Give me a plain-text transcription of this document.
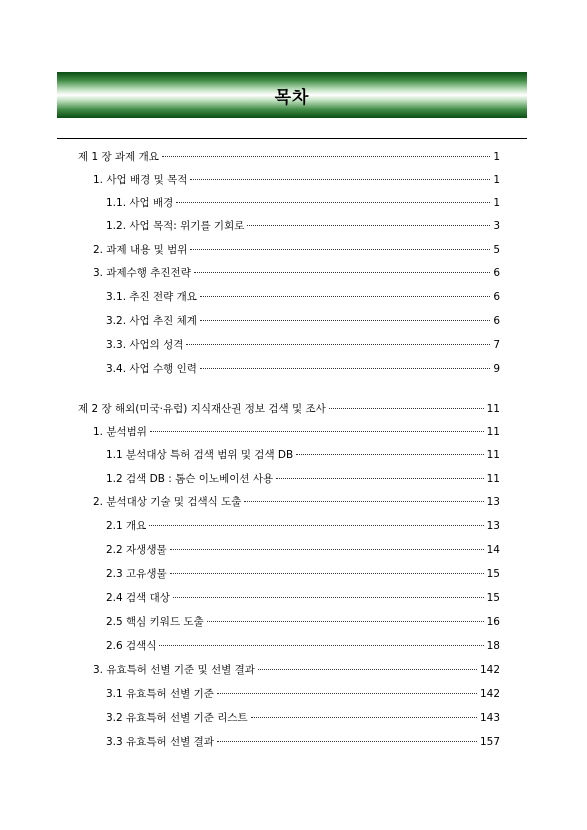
목차
제 1 장 과제 개요	1
1. 사업 배경 및 목적	1
1.1. 사업 배경	1
1.2. 사업 목적: 위기를 기회로	3
2. 과제 내용 및 범위	5
3. 과제수행 추진전략	6
3.1. 추진 전략 개요	6
3.2. 사업 추진 체계	6
3.3. 사업의 성격	7
3.4. 사업 수행 인력	9
제 2 장 해외(미국·유럽) 지식재산권 정보 검색 및 조사	11
1. 분석범위	11
1.1 분석대상 특허 검색 범위 및 검색 DB	11
1.2 검색 DB : 톰슨 이노베이션 사용	11
2. 분석대상 기술 및 검색식 도출	13
2.1 개요	13
2.2 자생생물	14
2.3 고유생물	15
2.4 검색 대상	15
2.5 핵심 키워드 도출	16
2.6 검색식	18
3. 유효특허 선별 기준 및 선별 결과	142
3.1 유효특허 선별 기준	142
3.2 유효특허 선별 기준 리스트	143
3.3 유효특허 선별 결과	157
